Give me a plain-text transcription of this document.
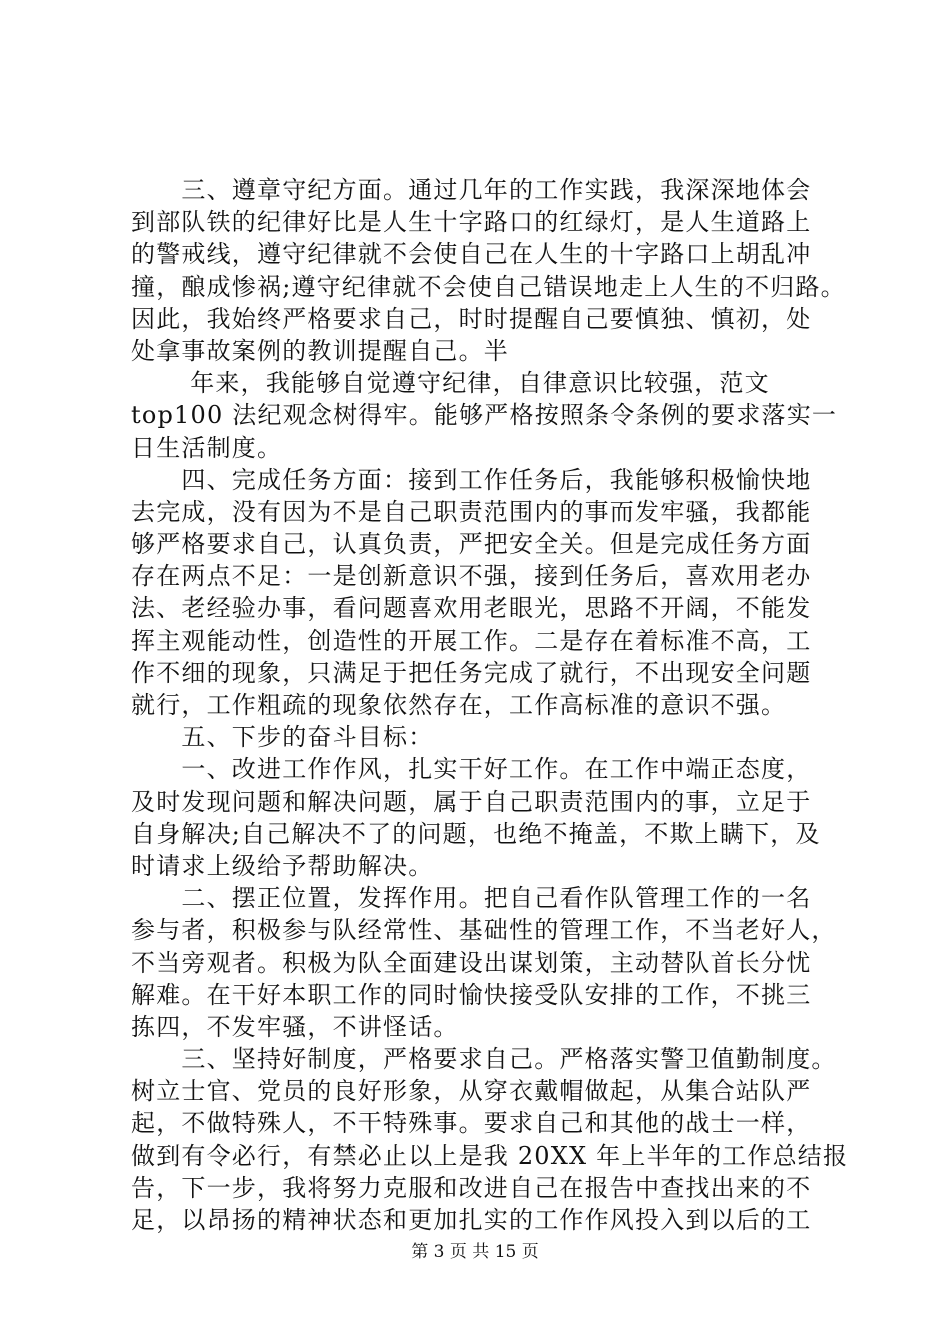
　　三、遵章守纪方面。通过几年的工作实践，我深深地体会
到部队铁的纪律好比是人生十字路口的红绿灯，是人生道路上
的警戒线，遵守纪律就不会使自己在人生的十字路口上胡乱冲
撞，酿成惨祸;遵守纪律就不会使自己错误地走上人生的不归路。
因此，我始终严格要求自己，时时提醒自己要慎独、慎初，处
处拿事故案例的教训提醒自己。半
　　 年来，我能够自觉遵守纪律，自律意识比较强，范文
top100 法纪观念树得牢。能够严格按照条令条例的要求落实一
日生活制度。
　　四、完成任务方面：接到工作任务后，我能够积极愉快地
去完成，没有因为不是自己职责范围内的事而发牢骚，我都能
够严格要求自己，认真负责，严把安全关。但是完成任务方面
存在两点不足：一是创新意识不强，接到任务后，喜欢用老办
法、老经验办事，看问题喜欢用老眼光，思路不开阔，不能发
挥主观能动性，创造性的开展工作。二是存在着标准不高，工
作不细的现象，只满足于把任务完成了就行，不出现安全问题
就行，工作粗疏的现象依然存在，工作高标准的意识不强。
　　五、下步的奋斗目标：
　　一、改进工作作风，扎实干好工作。在工作中端正态度，
及时发现问题和解决问题，属于自己职责范围内的事，立足于
自身解决;自己解决不了的问题，也绝不掩盖，不欺上瞒下，及
时请求上级给予帮助解决。
　　二、摆正位置，发挥作用。把自己看作队管理工作的一名
参与者，积极参与队经常性、基础性的管理工作，不当老好人，
不当旁观者。积极为队全面建设出谋划策，主动替队首长分忧
解难。在干好本职工作的同时愉快接受队安排的工作，不挑三
拣四，不发牢骚，不讲怪话。
　　三、坚持好制度，严格要求自己。严格落实警卫值勤制度。
树立士官、党员的良好形象，从穿衣戴帽做起，从集合站队严
起，不做特殊人，不干特殊事。要求自己和其他的战士一样，
做到有令必行，有禁必止以上是我 20XX 年上半年的工作总结报
告，下一步，我将努力克服和改进自己在报告中查找出来的不
足，以昂扬的精神状态和更加扎实的工作作风投入到以后的工
第 3 页 共 15 页
